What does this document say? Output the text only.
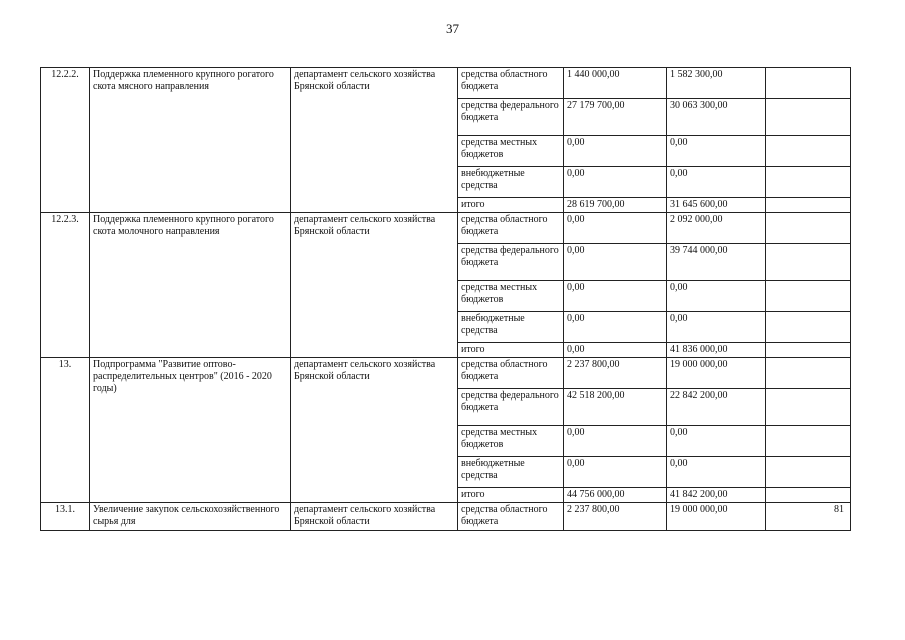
37
12.2.2.	Поддержка племенного крупного рогатого скота мясного направления	департамент сельского хозяйства Брянской области	средства областного бюджета	1 440 000,00	1 582 300,00	
			средства федерального бюджета	27 179 700,00	30 063 300,00	
			средства местных бюджетов	0,00	0,00	
			внебюджетные средства	0,00	0,00	
			итого	28 619 700,00	31 645 600,00	
12.2.3.	Поддержка племенного крупного рогатого скота молочного направления	департамент сельского хозяйства Брянской области	средства областного бюджета	0,00	2 092 000,00	
			средства федерального бюджета	0,00	39 744 000,00	
			средства местных бюджетов	0,00	0,00	
			внебюджетные средства	0,00	0,00	
			итого	0,00	41 836 000,00	
13.	Подпрограмма "Развитие оптово-распределительных центров" (2016 - 2020 годы)	департамент сельского хозяйства Брянской области	средства областного бюджета	2 237 800,00	19 000 000,00	
			средства федерального бюджета	42 518 200,00	22 842 200,00	
			средства местных бюджетов	0,00	0,00	
			внебюджетные средства	0,00	0,00	
			итого	44 756 000,00	41 842 200,00	
13.1.	Увеличение закупок сельскохозяйственного сырья для	департамент сельского хозяйства Брянской области	средства областного бюджета	2 237 800,00	19 000 000,00	81
